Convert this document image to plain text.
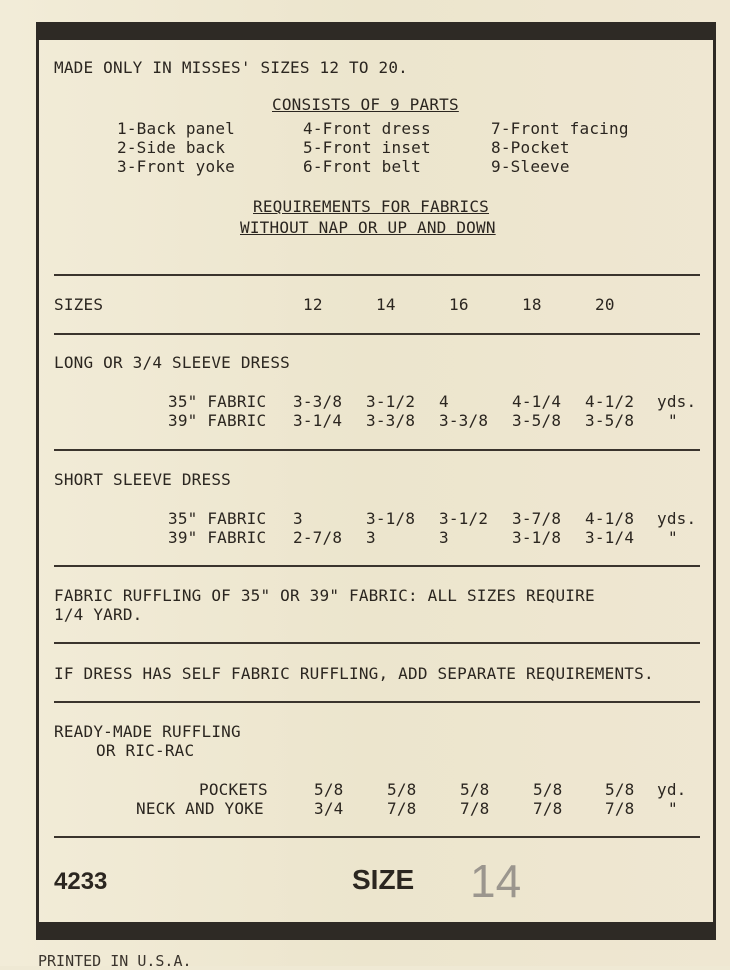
MADE ONLY IN MISSES' SIZES 12 TO 20.
CONSISTS OF 9 PARTS
1-Back panel	4-Front dress	7-Front facing
2-Side back	5-Front inset	8-Pocket
3-Front yoke	6-Front belt	9-Sleeve
REQUIREMENTS FOR FABRICS
WITHOUT NAP OR UP AND DOWN
SIZES	12	14	16	18	20
LONG OR 3/4 SLEEVE DRESS
35" FABRIC 3-3/8 3-1/2 4	4-1/4 4-1/2 yds.
39" FABRIC 3-1/4 3-3/8 3-3/8 3-5/8 3-5/8 "
SHORT SLEEVE DRESS
35" FABRIC 3	3-1/8 3-1/2 3-7/8 4-1/8 yds.
39" FABRIC 2-7/8 3	3	3-1/8 3-1/4 "
FABRIC RUFFLING OF 35" OR 39" FABRIC: ALL SIZES REQUIRE
1/4 YARD.
IF DRESS HAS SELF FABRIC RUFFLING, ADD SEPARATE REQUIREMENTS.
READY-MADE RUFFLING
OR RIC-RAC
POCKETS	5/8	5/8	5/8	5/8	5/8 yd.
NECK AND YOKE	3/4	7/8	7/8	7/8	7/8 "
4233	SIZE 14
PRINTED IN U.S.A.
